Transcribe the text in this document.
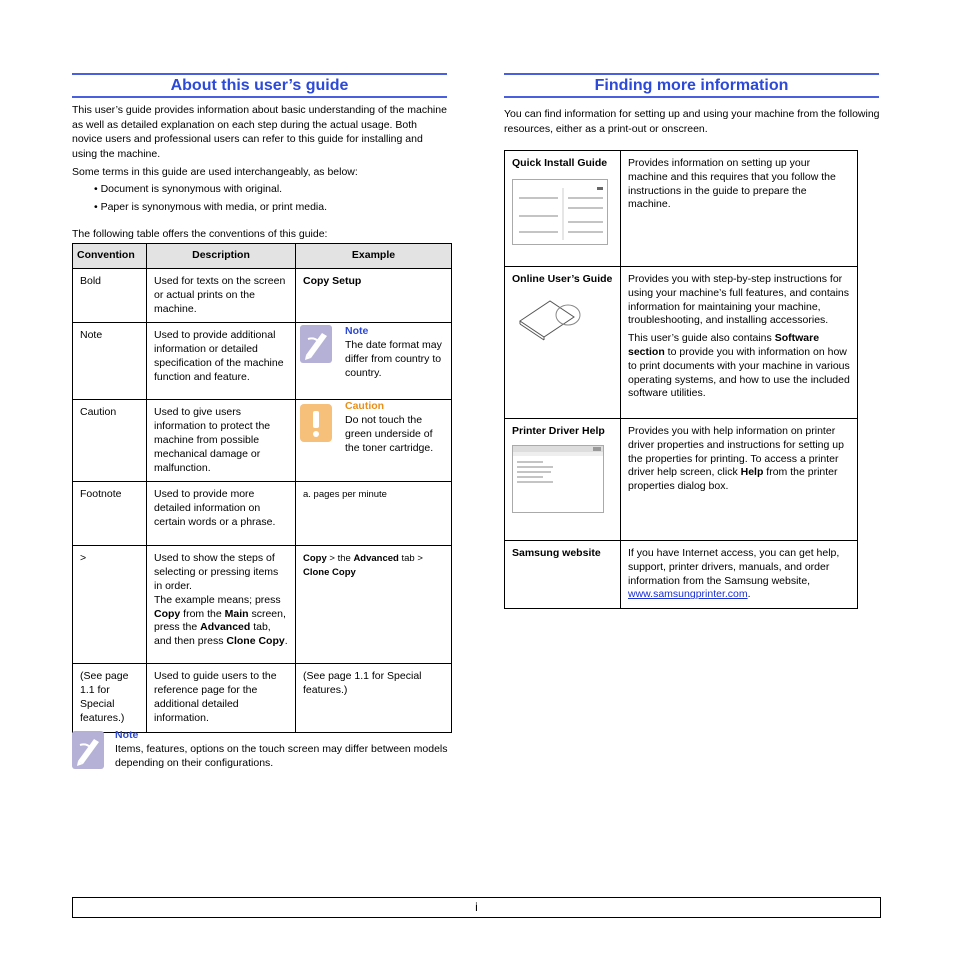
About this user’s guide
This user’s guide provides information about basic understanding of the machine as well as detailed explanation on each step during the actual usage. Both novice users and professional users can refer to this guide for installing and using the machine.
Some terms in this guide are used interchangeably, as below:
• Document is synonymous with original.
• Paper is synonymous with media, or print media.
The following table offers the conventions of this guide:
Convention	Description	Example
Bold	Used for texts on the screen or actual prints on the machine.	Copy Setup
Note	Used to provide additional information or detailed specification of the machine function and feature.	Note
The date format may differ from country to country.

Caution	Used to give users information to protect the machine from possible mechanical damage or malfunction.	Caution
Do not touch the green underside of the toner cartridge.

Footnote	Used to provide more detailed information on certain words or a phrase.	a. pages per minute
>	Used to show the steps of selecting or pressing items in order.
The example means; press Copy from the Main screen, press the Advanced tab, and then press Clone Copy.	Copy > the Advanced tab > Clone Copy
(See page 1.1 for Special features.)	Used to guide users to the reference page for the additional detailed information.	(See page 1.1 for Special features.)
Note
Items, features, options on the touch screen may differ between models depending on their configurations.
Finding more information
You can find information for setting up and using your machine from the following resources, either as a print-out or onscreen.
Quick Install Guide	Provides information on setting up your machine and this requires that you follow the instructions in the guide to prepare the machine.

Online User’s Guide	Provides you with step-by-step instructions for using your machine’s full features, and contains information for maintaining your machine, troubleshooting, and installing accessories.
This user’s guide also contains Software section to provide you with information on how to print documents with your machine in various operating systems, and how to use the included software utilities.

Printer Driver Help	Provides you with help information on printer driver properties and instructions for setting up the properties for printing. To access a printer driver help screen, click Help from the printer properties dialog box.
Samsung website	If you have Internet access, you can get help, support, printer drivers, manuals, and order information from the Samsung website, www.samsungprinter.com.
i
